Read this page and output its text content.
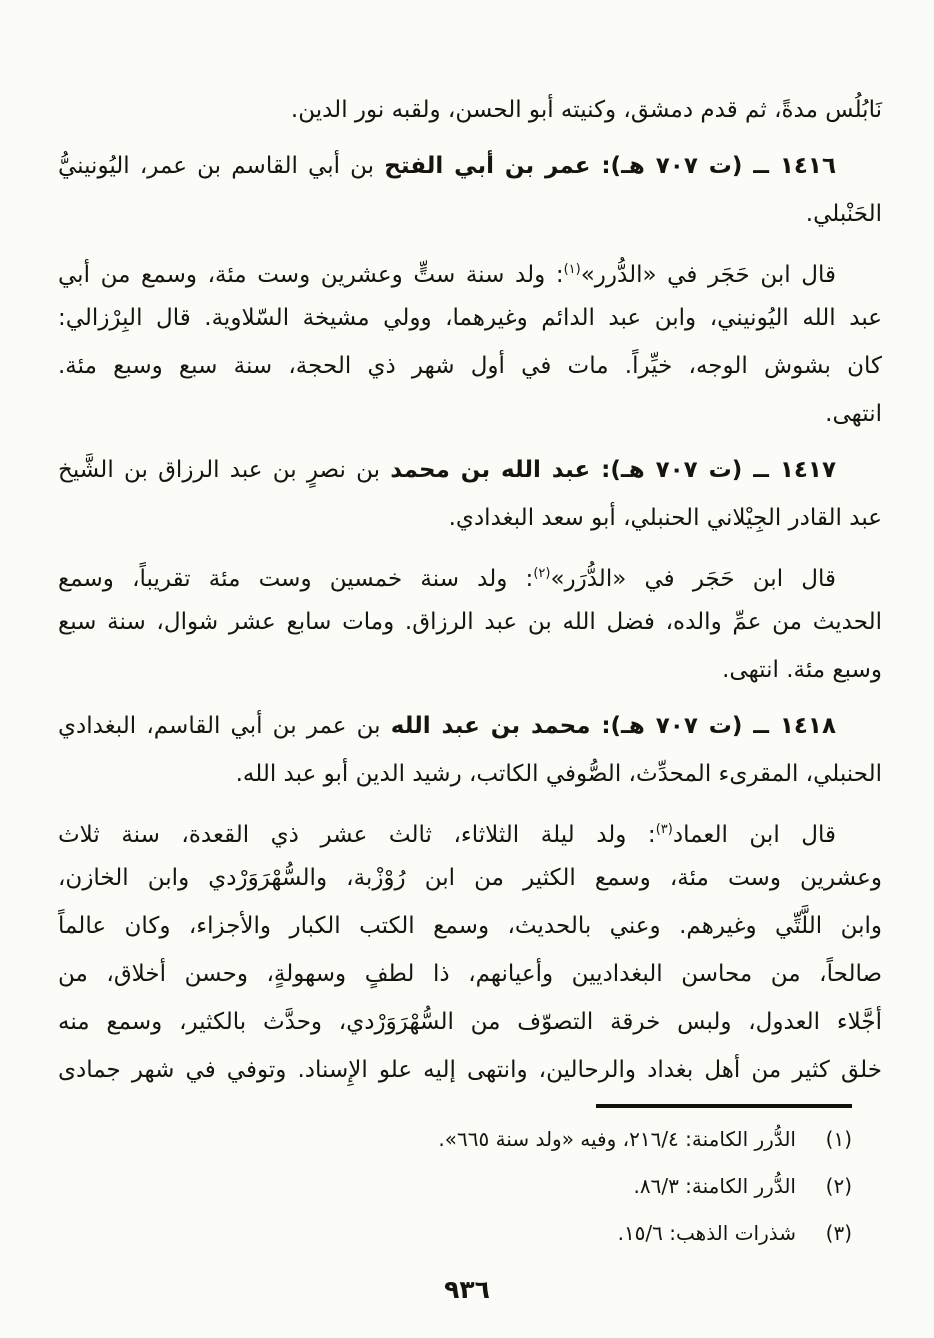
نَابُلُس مدةً، ثم قدم دمشق، وكنيته أبو الحسن، ولقبه نور الدين.
١٤١٦ ــ (ت ٧٠٧ هـ): عمر بن أبي الفتح بن أبي القاسم بن عمر، اليُونينيُّ
الحَنْبلي.
قال ابن حَجَر في «الدُّرر»$^{(١)}$: ولد سنة ستٍّ وعشرين وست مئة، وسمع من أبي
عبد الله اليُونيني، وابن عبد الدائم وغيرهما، وولي مشيخة السّلاوية. قال البِرْزالي:
كان بشوش الوجه، خيِّراً. مات في أول شهر ذي الحجة، سنة سبع وسبع مئة.
انتهى.
١٤١٧ ــ (ت ٧٠٧ هـ): عبد الله بن محمد بن نصرٍ بن عبد الرزاق بن الشَّيخ
عبد القادر الجِيْلاني الحنبلي، أبو سعد البغدادي.
قال ابن حَجَر في «الدُّرَر»$^{(٢)}$: ولد سنة خمسين وست مئة تقريباً، وسمع
الحديث من عمِّ والده، فضل الله بن عبد الرزاق. ومات سابع عشر شوال، سنة سبع
وسبع مئة. انتهى.
١٤١٨ ــ (ت ٧٠٧ هـ): محمد بن عبد الله بن عمر بن أبي القاسم، البغدادي
الحنبلي، المقرىء المحدِّث، الصُّوفي الكاتب، رشيد الدين أبو عبد الله.
قال ابن العماد$^{(٣)}$: ولد ليلة الثلاثاء، ثالث عشر ذي القعدة، سنة ثلاث
وعشرين وست مئة، وسمع الكثير من ابن رُوْزْبة، والسُّهْرَوَرْدي وابن الخازن،
وابن اللَّتِّي وغيرهم. وعني بالحديث، وسمع الكتب الكبار والأجزاء، وكان عالماً
صالحاً، من محاسن البغداديين وأعيانهم، ذا لطفٍ وسهولةٍ، وحسن أخلاق، من
أجَّلاء العدول، ولبس خرقة التصوّف من السُّهْرَوَرْدي، وحدَّث بالكثير، وسمع منه
خلق كثير من أهل بغداد والرحالين، وانتهى إليه علو الإِسناد. وتوفي في شهر جمادى
(١)
الدُّرر الكامنة: ٢١٦/٤، وفيه «ولد سنة ٦٦٥».
(٢)
الدُّرر الكامنة: ٨٦/٣.
(٣)
شذرات الذهب: ١٥/٦.
٩٣٦
